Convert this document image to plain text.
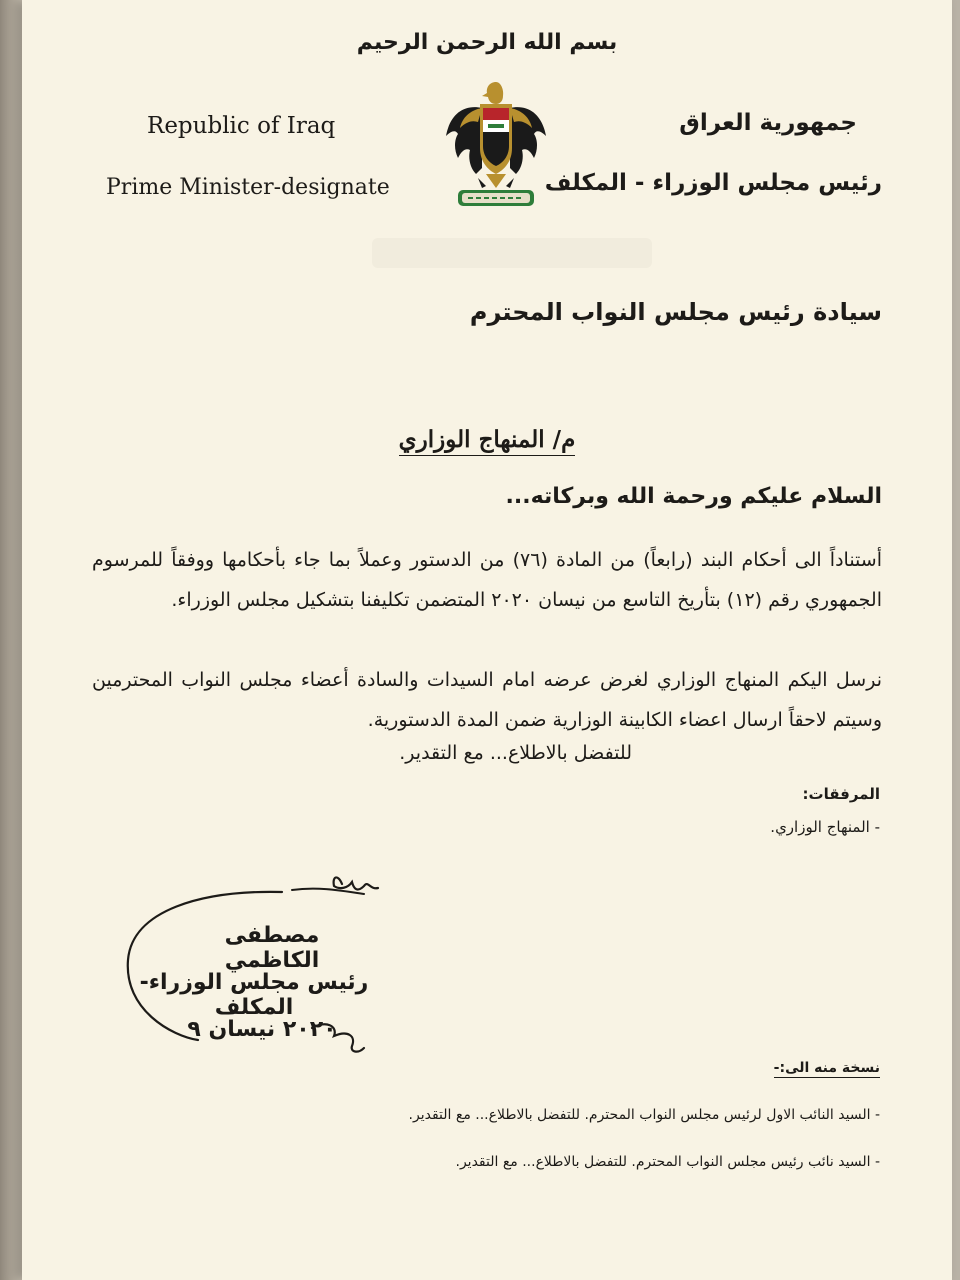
بسم الله الرحمن الرحيم
Republic of Iraq
Prime Minister-designate
جمهورية العراق
رئيس مجلس الوزراء - المكلف
سيادة رئيس مجلس النواب المحترم
م/ المنهاج الوزاري
السلام عليكم ورحمة الله وبركاته...
أستناداً الى أحكام البند (رابعاً) من المادة (٧٦) من الدستور وعملاً بما جاء بأحكامها ووفقاً للمرسوم الجمهوري رقم (١٢) بتأريخ التاسع من نيسان ٢٠٢٠ المتضمن تكليفنا بتشكيل مجلس الوزراء.
نرسل اليكم المنهاج الوزاري لغرض عرضه امام السيدات والسادة أعضاء مجلس النواب المحترمين وسيتم لاحقاً ارسال اعضاء الكابينة الوزارية ضمن المدة الدستورية.
للتفضل بالاطلاع... مع التقدير.
المرفقات:
- المنهاج الوزاري.
مصطفى الكاظمي
رئيس مجلس الوزراء- المكلف
٢٠٢٠ نيسان ٩
نسخة منه الى:-
- السيد النائب الاول لرئيس مجلس النواب المحترم. للتفضل بالاطلاع... مع التقدير.
- السيد نائب رئيس مجلس النواب المحترم. للتفضل بالاطلاع... مع التقدير.
